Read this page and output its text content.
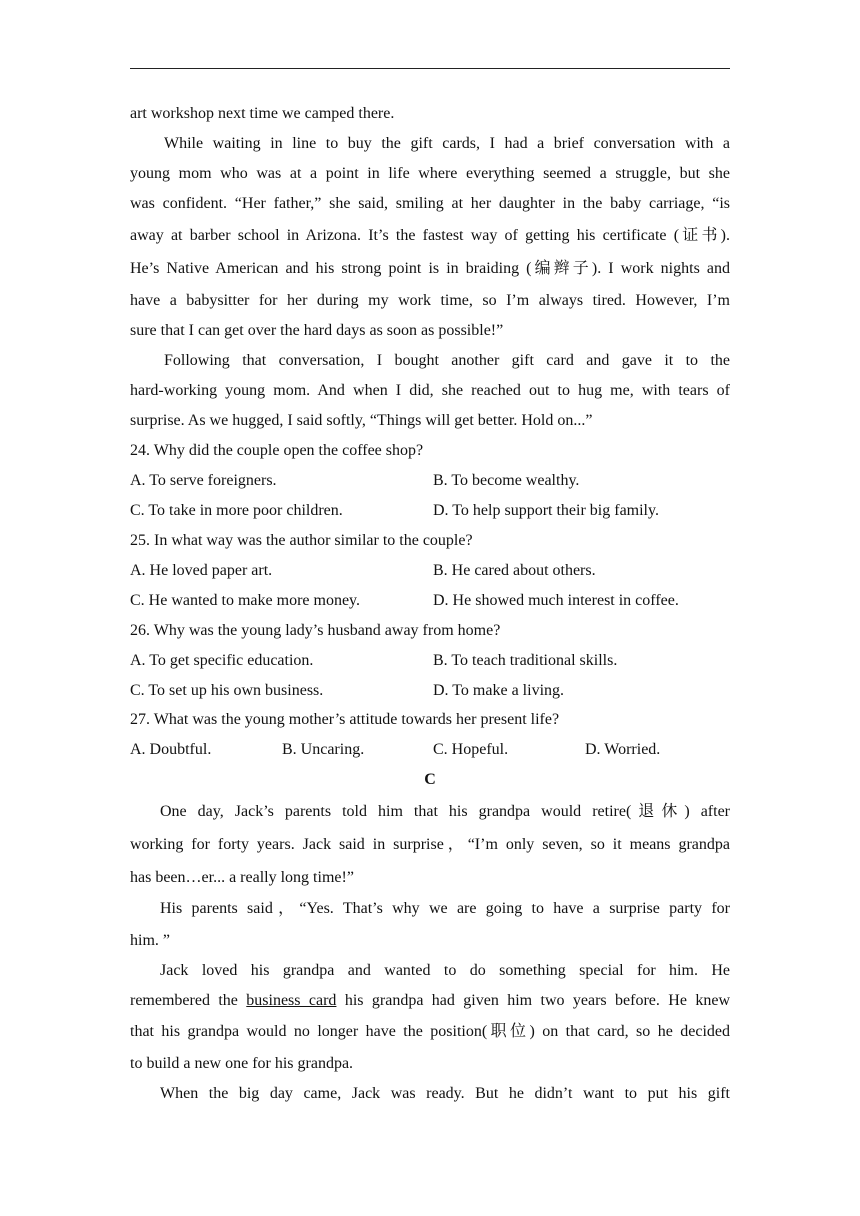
art workshop next time we camped there.
While waiting in line to buy the gift cards, I had a brief conversation with a
young mom who was at a point in life where everything seemed a struggle, but she
was confident. “Her father,” she said, smiling at her daughter in the baby carriage, “is
away at barber school in Arizona. It’s the fastest way of getting his certificate (证书).
He’s Native American and his strong point is in braiding (编辫子). I work nights and
have a babysitter for her during my work time, so I’m always tired. However, I’m
sure that I can get over the hard days as soon as possible!”
Following that conversation, I bought another gift card and gave it to the
hard-working young mom. And when I did, she reached out to hug me, with tears of
surprise. As we hugged, I said softly, “Things will get better. Hold on...”
24. Why did the couple open the coffee shop?
A. To serve foreigners.	B. To become wealthy.
C. To take in more poor children.	D. To help support their big family.
25. In what way was the author similar to the couple?
A. He loved paper art.	B. He cared about others.
C. He wanted to make more money.	D. He showed much interest in coffee.
26. Why was the young lady’s husband away from home?
A. To get specific education.	B. To teach traditional skills.
C. To set up his own business.	D. To make a living.
27. What was the young mother’s attitude towards her present life?
A. Doubtful.	B. Uncaring.	C. Hopeful.	D. Worried.
C
One day, Jack’s parents told him that his grandpa would retire(退休) after
working for forty years. Jack said in surprise，“I’m only seven, so it means grandpa
has been…er... a really long time!”
His parents said，“Yes. That’s why we are going to have a surprise party for
him. ”
Jack loved his grandpa and wanted to do something special for him. He
remembered the business card his grandpa had given him two years before. He knew
that his grandpa would no longer have the position(职位) on that card, so he decided
to build a new one for his grandpa.
When the big day came, Jack was ready. But he didn’t want to put his gift
